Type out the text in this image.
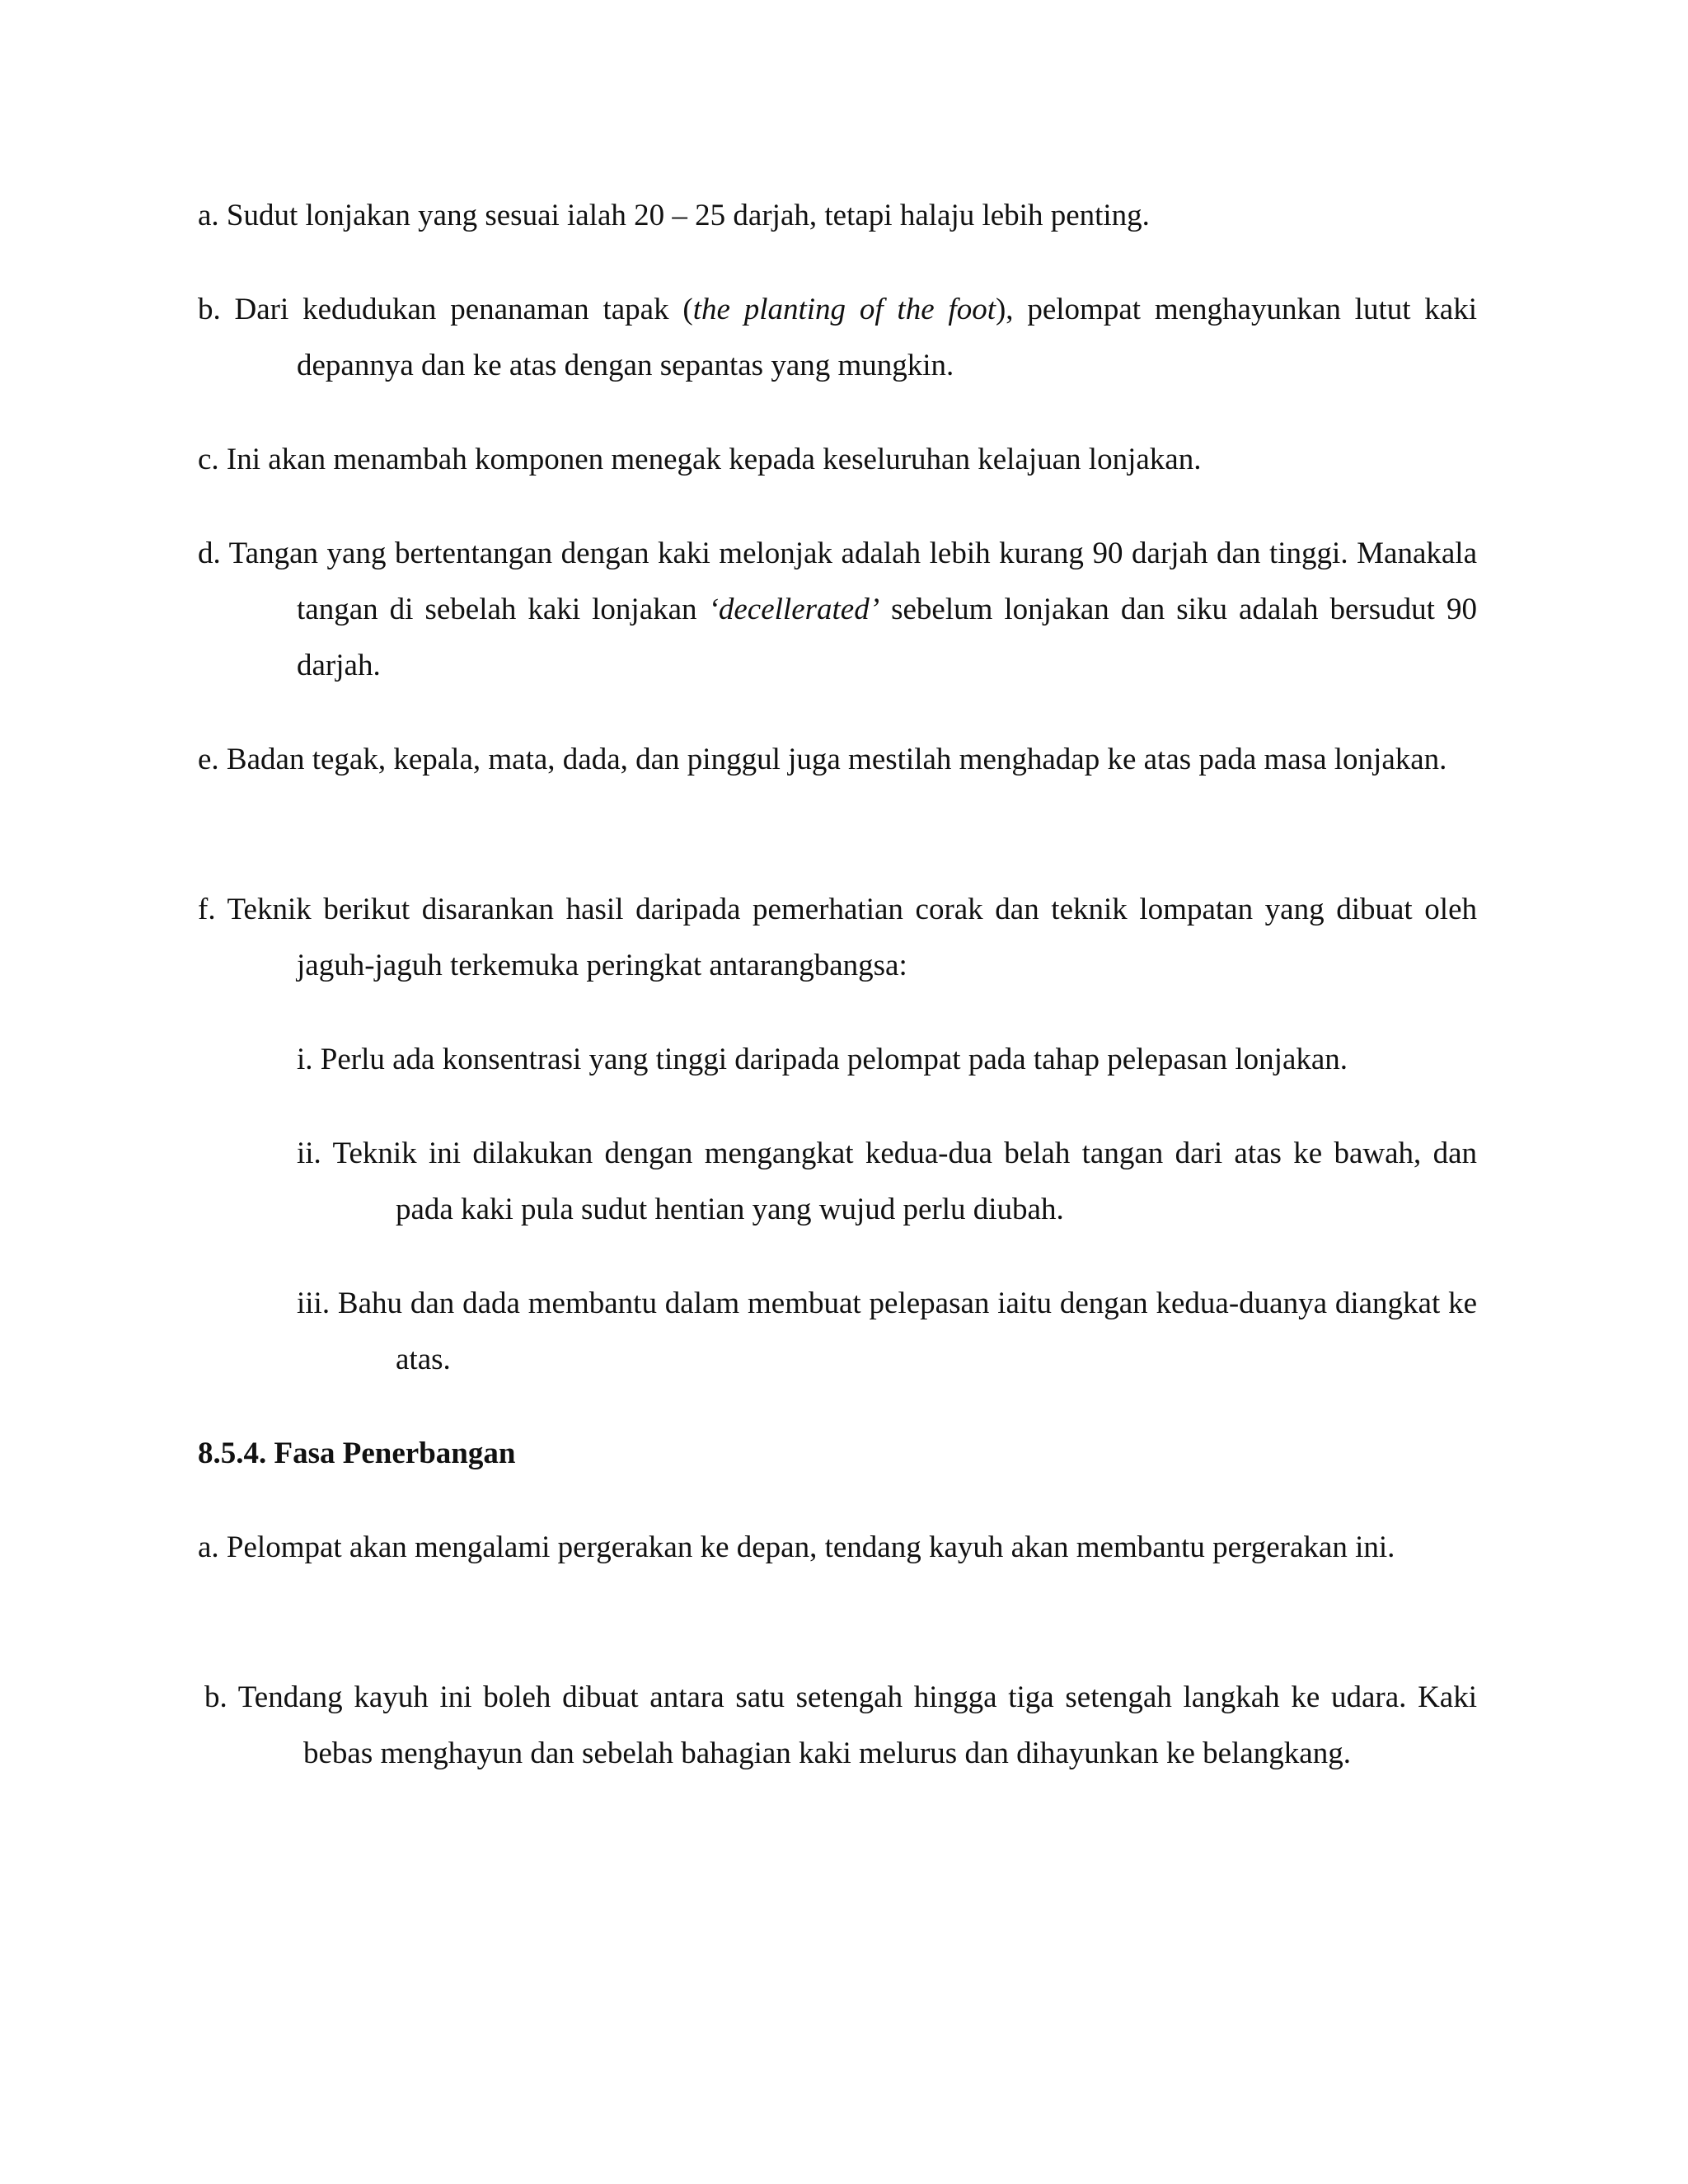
a. Sudut lonjakan yang sesuai ialah 20 – 25 darjah, tetapi halaju lebih penting.

b. Dari kedudukan penanaman tapak (the planting of the foot), pelompat menghayunkan lutut kaki depannya dan ke atas dengan sepantas yang mungkin.

c. Ini akan menambah komponen menegak kepada keseluruhan kelajuan lonjakan.

d. Tangan yang bertentangan dengan kaki melonjak adalah lebih kurang 90 darjah dan tinggi. Manakala tangan di sebelah kaki lonjakan ‘decellerated’ sebelum lonjakan dan siku adalah bersudut 90 darjah.

e. Badan tegak, kepala, mata, dada, dan pinggul juga mestilah menghadap ke atas pada masa lonjakan.

f. Teknik berikut disarankan hasil daripada pemerhatian corak dan teknik lompatan yang dibuat oleh jaguh-jaguh terkemuka peringkat antarangbangsa:

i. Perlu ada konsentrasi yang tinggi daripada pelompat pada tahap pelepasan lonjakan.

ii. Teknik ini dilakukan dengan mengangkat kedua-dua belah tangan dari atas ke bawah, dan pada kaki pula sudut hentian yang wujud perlu diubah.

iii. Bahu dan dada membantu dalam membuat pelepasan iaitu dengan kedua-duanya diangkat ke atas.

8.5.4. Fasa Penerbangan

a. Pelompat akan mengalami pergerakan ke depan, tendang kayuh akan membantu pergerakan ini.

b. Tendang kayuh ini boleh dibuat antara satu setengah hingga tiga setengah langkah ke udara. Kaki bebas menghayun dan sebelah bahagian kaki melurus dan dihayunkan ke belangkang.
